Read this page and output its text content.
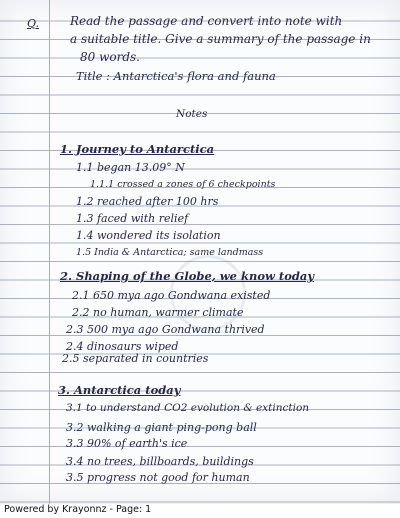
Q.	Read the passage and convert into note with
a suitable title. Give a summary of the passage in
80 words.
Title : Antarctica's flora and fauna
Notes
1. Journey to Antarctica
1.1 began 13.09° N
1.1.1 crossed a zones of 6 checkpoints
1.2 reached after 100 hrs
1.3 faced with relief
1.4 wondered its isolation
1.5 India & Antarctica; same landmass
2. Shaping of the Globe, we know today
2.1 650 mya ago Gondwana existed
2.2 no human, warmer climate
2.3 500 mya ago Gondwana thrived
2.4 dinosaurs wiped
2.5 separated in countries
3. Antarctica today
3.1 to understand CO2 evolution & extinction
3.2 walking a giant ping-pong ball
3.3 90% of earth's ice
3.4 no trees, billboards, buildings
3.5 progress not good for human
Powered by Krayonnz - Page: 1
